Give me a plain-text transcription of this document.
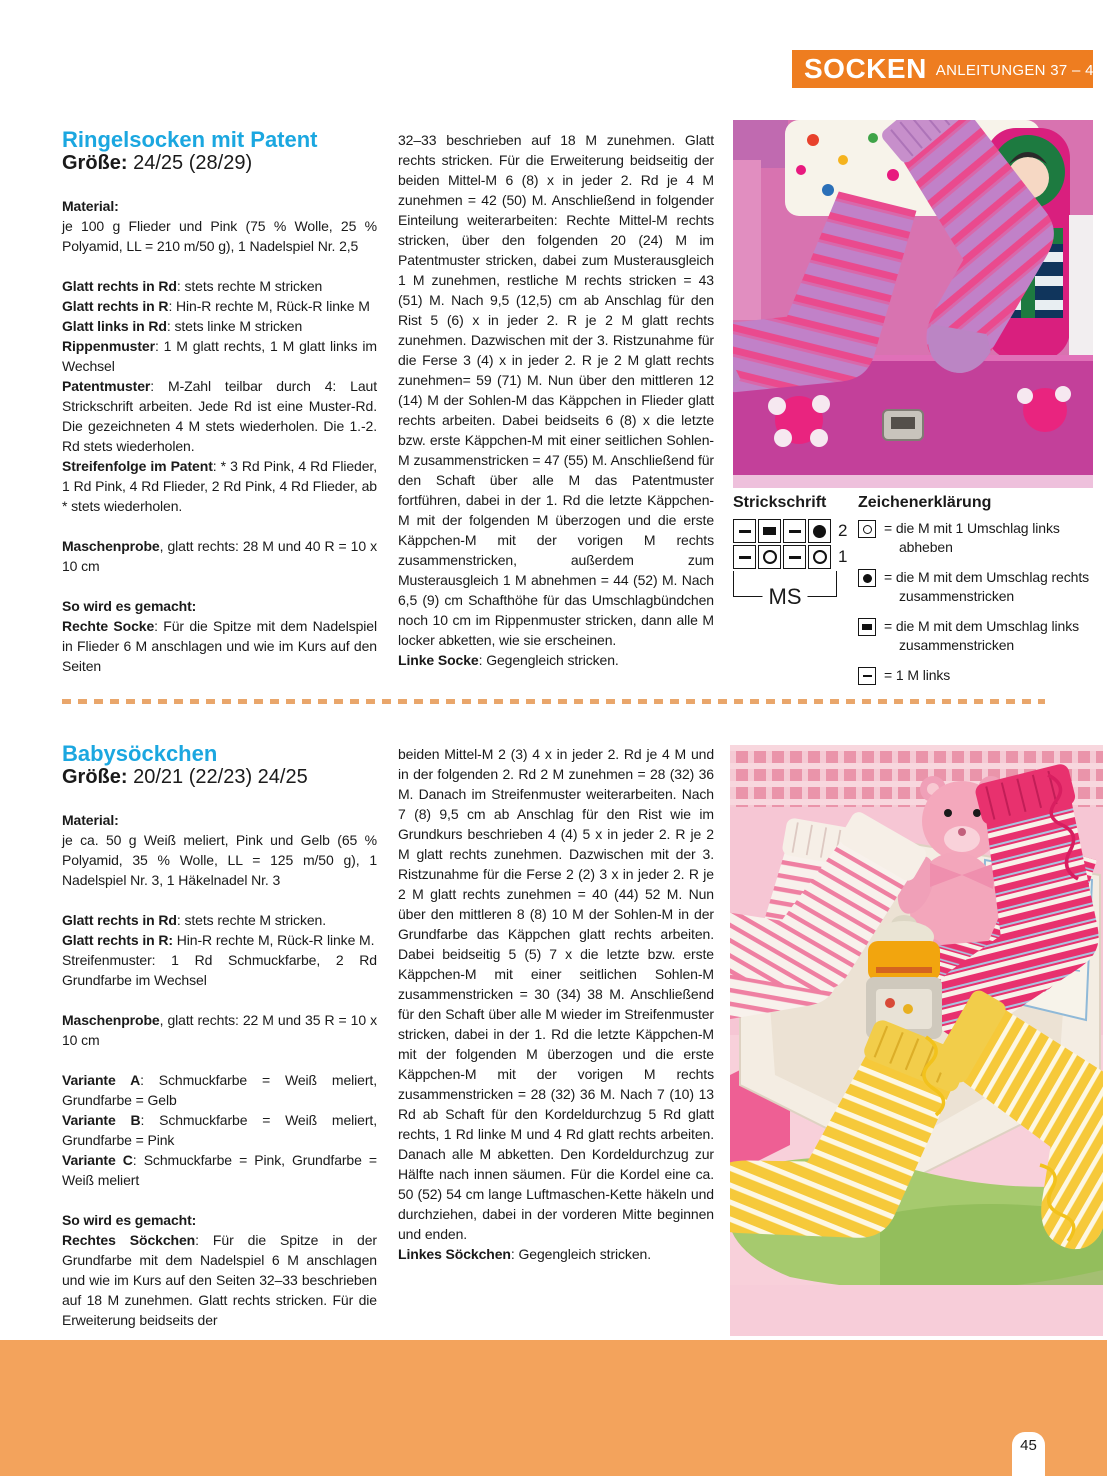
SOCKEN ANLEITUNGEN 37 – 42
Ringelsocken mit Patent

Größe: 24/25 (28/29)

Material:

je 100 g Flieder und Pink (75 % Wolle, 25 % Polyamid, LL = 210 m/50 g), 1 Nadelspiel Nr. 2,5

Glatt rechts in Rd: stets rechte M stricken

Glatt rechts in R: Hin-R rechte M, Rück-R linke M

Glatt links in Rd: stets linke M stricken

Rippenmuster: 1 M glatt rechts, 1 M glatt links im Wechsel

Patentmuster: M-Zahl teilbar durch 4: Laut Strickschrift arbeiten. Jede Rd ist eine Muster-Rd. Die gezeichneten 4 M stets wiederholen. Die 1.-2. Rd stets wiederholen.

Streifenfolge im Patent: * 3 Rd Pink, 4 Rd Flieder, 1 Rd Pink, 4 Rd Flieder, 2 Rd Pink, 4 Rd Flieder, ab * stets wiederholen.

Maschenprobe, glatt rechts: 28 M und 40 R = 10 x 10 cm

So wird es gemacht:

Rechte Socke: Für die Spitze mit dem Nadelspiel in Flieder 6 M anschlagen und wie im Kurs auf den Seiten

32–33 beschrieben auf 18 M zunehmen. Glatt rechts stricken. Für die Erweiterung beidseitig der beiden Mittel-M 6 (8) x in jeder 2. Rd je 4 M zunehmen = 42 (50) M. Anschließend in folgender Einteilung weiterarbeiten: Rechte Mittel-M rechts stricken, über den folgenden 20 (24) M im Patentmuster stricken, dabei zum Musterausgleich 1 M zunehmen, restliche M rechts stricken = 43 (51) M. Nach 9,5 (12,5) cm ab Anschlag für den Rist 5 (6) x in jeder 2. R je 2 M glatt rechts zunehmen. Dazwischen mit der 3. Ristzunahme für die Ferse 3 (4) x in jeder 2. R je 2 M glatt rechts zunehmen= 59 (71) M. Nun über den mittleren 12 (14) M der Sohlen-M das Käppchen in Flieder glatt rechts arbeiten. Dabei beidseits 6 (8) x die letzte bzw. erste Käppchen-M mit einer seitlichen Sohlen-M zusammenstricken = 47 (55) M. Anschließend für den Schaft über alle M das Patentmuster fortführen, dabei in der 1. Rd die letzte Käppchen-M mit der folgenden M überzogen und die erste Käppchen-M mit der vorigen M rechts zusammenstricken, außerdem zum Musterausgleich 1 M abnehmen = 44 (52) M. Nach 6,5 (9) cm Schafthöhe für das Umschlagbündchen noch 10 cm im Rippenmuster stricken, dann alle M locker abketten, wie sie erscheinen.

Linke Socke: Gegengleich stricken.

Strickschrift

2
1
MS

Zeichenerklärung

= die M mit 1 Umschlag links abheben
= die M mit dem Umschlag rechts zusammenstricken
= die M mit dem Umschlag links zusammenstricken
= 1 M links
Babysöckchen

Größe: 20/21 (22/23) 24/25

Material:

je ca. 50 g Weiß meliert, Pink und Gelb (65 % Polyamid, 35 % Wolle, LL = 125 m/50 g), 1 Nadelspiel Nr. 3, 1 Häkelnadel Nr. 3

Glatt rechts in Rd: stets rechte M stricken.

Glatt rechts in R: Hin-R rechte M, Rück-R linke M.

Streifenmuster: 1 Rd Schmuckfarbe, 2 Rd Grundfarbe im Wechsel

Maschenprobe, glatt rechts: 22 M und 35 R = 10 x 10 cm

Variante A: Schmuckfarbe = Weiß meliert, Grundfarbe = Gelb

Variante B: Schmuckfarbe = Weiß meliert, Grundfarbe = Pink

Variante C: Schmuckfarbe = Pink, Grundfarbe = Weiß meliert

So wird es gemacht:

Rechtes Söckchen: Für die Spitze in der Grundfarbe mit dem Nadelspiel 6 M anschlagen und wie im Kurs auf den Seiten 32–33 beschrieben auf 18 M zunehmen. Glatt rechts stricken. Für die Erweiterung beidseits der

beiden Mittel-M 2 (3) 4 x in jeder 2. Rd je 4 M und in der folgenden 2. Rd 2 M zunehmen = 28 (32) 36 M. Danach im Streifenmuster weiterarbeiten. Nach 7 (8) 9,5 cm ab Anschlag für den Rist wie im Grundkurs beschrieben 4 (4) 5 x in jeder 2. R je 2 M glatt rechts zunehmen. Dazwischen mit der 3. Ristzunahme für die Ferse 2 (2) 3 x in jeder 2. R je 2 M glatt rechts zunehmen = 40 (44) 52 M. Nun über den mittleren 8 (8) 10 M der Sohlen-M in der Grundfarbe das Käppchen glatt rechts arbeiten. Dabei beidseitig 5 (5) 7 x die letzte bzw. erste Käppchen-M mit einer seitlichen Sohlen-M zusammenstricken = 30 (34) 38 M. Anschließend für den Schaft über alle M wieder im Streifenmuster stricken, dabei in der 1. Rd die letzte Käppchen-M mit der folgenden M überzogen und die erste Käppchen-M mit der vorigen M rechts zusammenstricken = 28 (32) 36 M. Nach 7 (10) 13 Rd ab Schaft für den Kordeldurchzug 5 Rd glatt rechts, 1 Rd linke M und 4 Rd glatt rechts arbeiten. Danach alle M abketten. Den Kordeldurchzug zur Hälfte nach innen säumen. Für die Kordel eine ca. 50 (52) 54 cm lange Luftmaschen-Kette häkeln und durchziehen, dabei in der vorderen Mitte beginnen und enden.

Linkes Söckchen: Gegengleich stricken.

45
